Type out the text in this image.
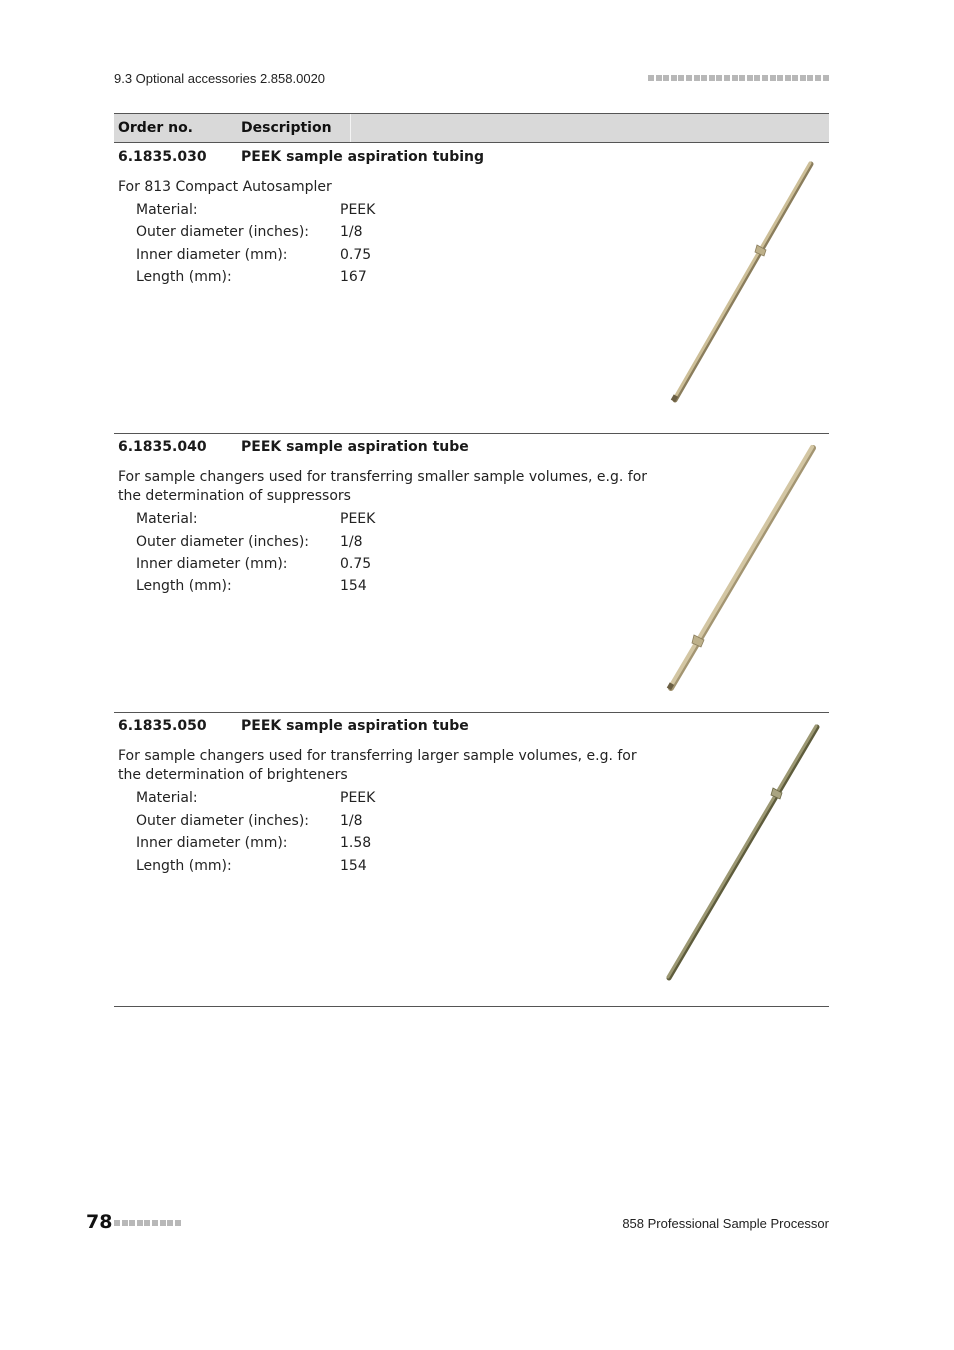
9.3 Optional accessories 2.858.0020
Order no.	Description
6.1835.030 PEEK sample aspiration tubing
For 813 Compact Autosampler
Material:	PEEK
Outer diameter (inches): 1/8
Inner diameter (mm):	0.75
Length (mm):	167
6.1835.040 PEEK sample aspiration tube
For sample changers used for transferring smaller sample volumes, e.g. for the determination of suppressors
Material:	PEEK
Outer diameter (inches): 1/8
Inner diameter (mm):	0.75
Length (mm):	154
6.1835.050 PEEK sample aspiration tube
For sample changers used for transferring larger sample volumes, e.g. for the determination of brighteners
Material:	PEEK
Outer diameter (inches): 1/8
Inner diameter (mm):	1.58
Length (mm):	154
78	858 Professional Sample Processor
